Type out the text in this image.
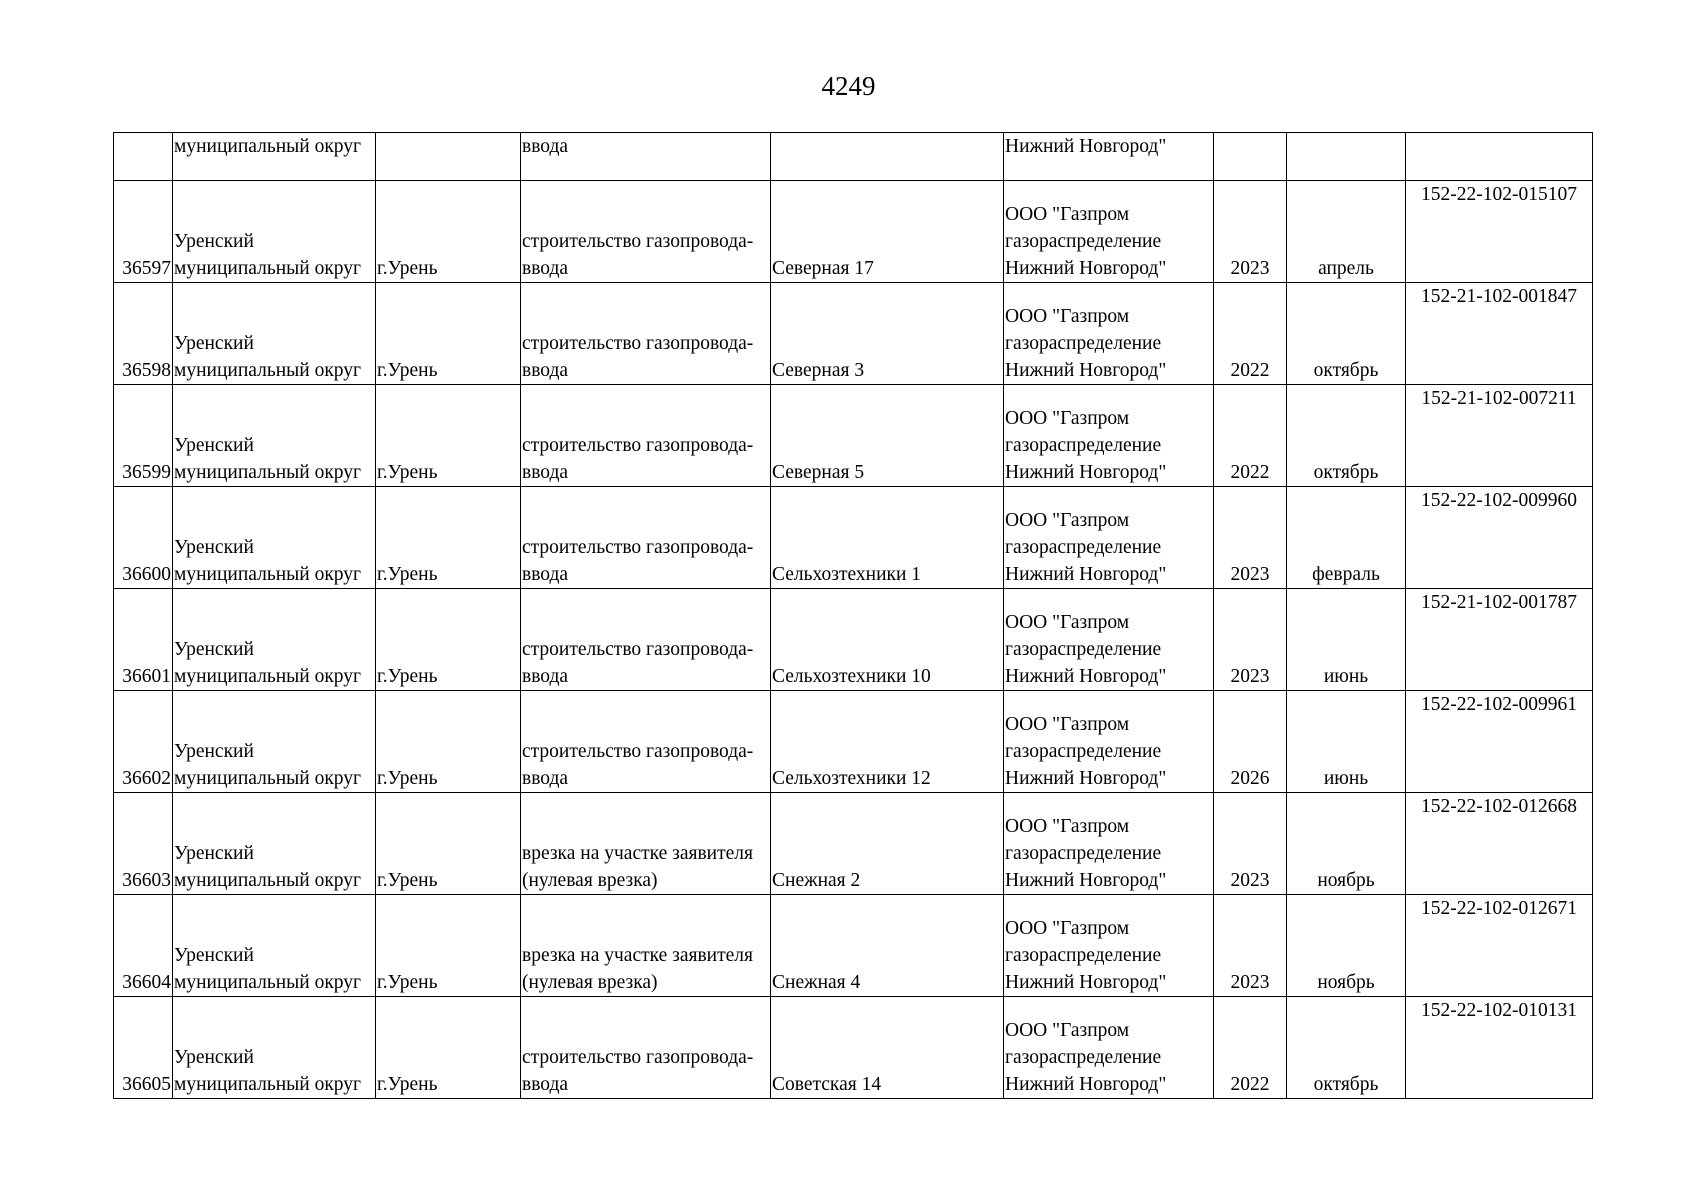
4249
	муниципальный округ		ввода		Нижний Новгород"			
36597	Уренский
муниципальный округ	г.Урень	строительство газопровода-
ввода	Северная 17	ООО "Газпром
газораспределение
Нижний Новгород"	2023	апрель	152-22-102-015107
36598	Уренский
муниципальный округ	г.Урень	строительство газопровода-
ввода	Северная 3	ООО "Газпром
газораспределение
Нижний Новгород"	2022	октябрь	152-21-102-001847
36599	Уренский
муниципальный округ	г.Урень	строительство газопровода-
ввода	Северная 5	ООО "Газпром
газораспределение
Нижний Новгород"	2022	октябрь	152-21-102-007211
36600	Уренский
муниципальный округ	г.Урень	строительство газопровода-
ввода	Сельхозтехники 1	ООО "Газпром
газораспределение
Нижний Новгород"	2023	февраль	152-22-102-009960
36601	Уренский
муниципальный округ	г.Урень	строительство газопровода-
ввода	Сельхозтехники 10	ООО "Газпром
газораспределение
Нижний Новгород"	2023	июнь	152-21-102-001787
36602	Уренский
муниципальный округ	г.Урень	строительство газопровода-
ввода	Сельхозтехники 12	ООО "Газпром
газораспределение
Нижний Новгород"	2026	июнь	152-22-102-009961
36603	Уренский
муниципальный округ	г.Урень	врезка на участке заявителя
(нулевая врезка)	Снежная 2	ООО "Газпром
газораспределение
Нижний Новгород"	2023	ноябрь	152-22-102-012668
36604	Уренский
муниципальный округ	г.Урень	врезка на участке заявителя
(нулевая врезка)	Снежная 4	ООО "Газпром
газораспределение
Нижний Новгород"	2023	ноябрь	152-22-102-012671
36605	Уренский
муниципальный округ	г.Урень	строительство газопровода-
ввода	Советская 14	ООО "Газпром
газораспределение
Нижний Новгород"	2022	октябрь	152-22-102-010131
